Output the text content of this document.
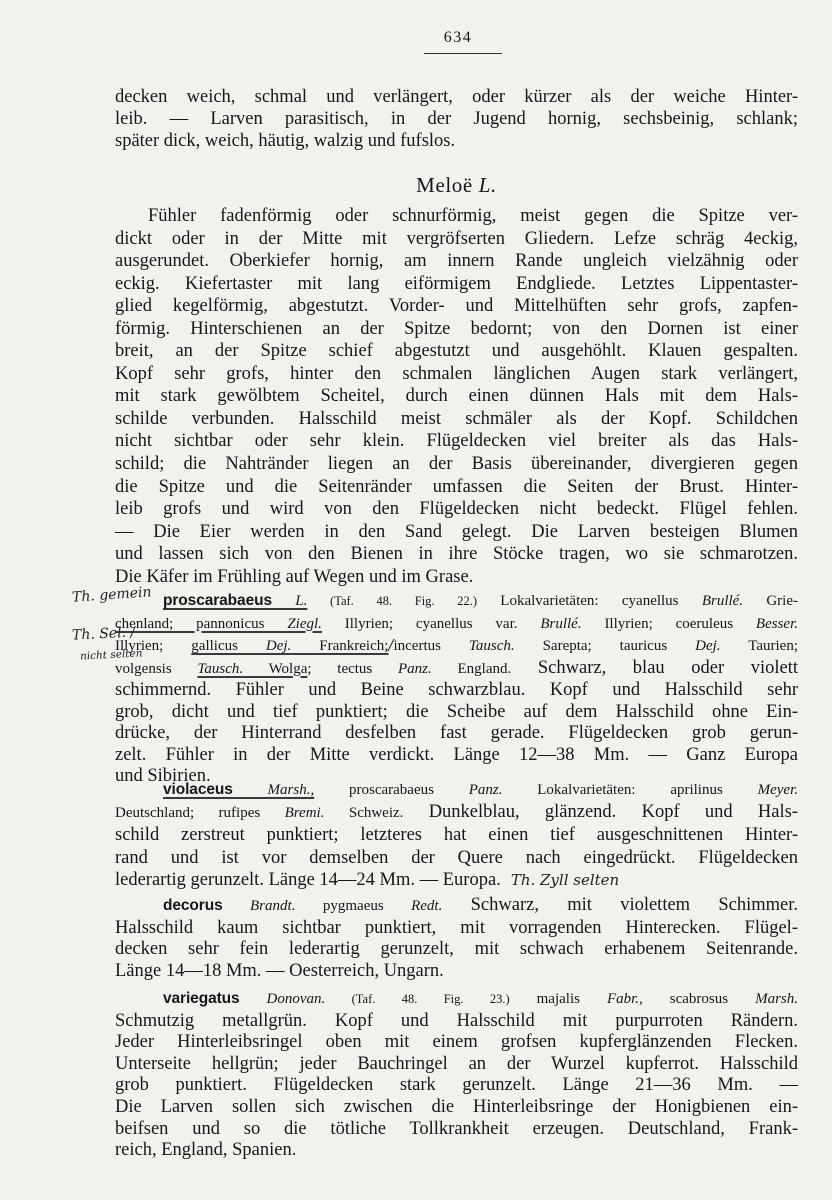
634
decken weich, schmal und verlängert, oder kürzer als der weiche Hinter-
leib. — Larven parasitisch, in der Jugend hornig, sechsbeinig, schlank;
später dick, weich, häutig, walzig und fufslos.
Meloë L.
Fühler fadenförmig oder schnurförmig, meist gegen die Spitze ver-
dickt oder in der Mitte mit vergröfserten Gliedern. Lefze schräg 4eckig,
ausgerundet. Oberkiefer hornig, am innern Rande ungleich vielzähnig oder
eckig. Kiefertaster mit lang eiförmigem Endgliede. Letztes Lippentaster-
glied kegelförmig, abgestutzt. Vorder- und Mittelhüften sehr grofs, zapfen-
förmig. Hinterschienen an der Spitze bedornt; von den Dornen ist einer
breit, an der Spitze schief abgestutzt und ausgehöhlt. Klauen gespalten.
Kopf sehr grofs, hinter den schmalen länglichen Augen stark verlängert,
mit stark gewölbtem Scheitel, durch einen dünnen Hals mit dem Hals-
schilde verbunden. Halsschild meist schmäler als der Kopf. Schildchen
nicht sichtbar oder sehr klein. Flügeldecken viel breiter als das Hals-
schild; die Nahtränder liegen an der Basis übereinander, divergieren gegen
die Spitze und die Seitenränder umfassen die Seiten der Brust. Hinter-
leib grofs und wird von den Flügeldecken nicht bedeckt. Flügel fehlen.
— Die Eier werden in den Sand gelegt. Die Larven besteigen Blumen
und lassen sich von den Bienen in ihre Stöcke tragen, wo sie schmarotzen.
Die Käfer im Frühling auf Wegen und im Grase.
proscarabaeus L. (Taf. 48. Fig. 22.) Lokalvarietäten: cyanellus Brullé. Grie-
chenland; pannonicus Ziegl. Illyrien; cyanellus var. Brullé. Illyrien; coeruleus Besser.
Illyrien; gallicus Dej. Frankreich;/incertus Tausch. Sarepta; tauricus Dej. Taurien;
volgensis Tausch. Wolga; tectus Panz. England. Schwarz, blau oder violett
schimmernd. Fühler und Beine schwarzblau. Kopf und Halsschild sehr
grob, dicht und tief punktiert; die Scheibe auf dem Halsschild ohne Ein-
drücke, der Hinterrand desfelben fast gerade. Flügeldecken grob gerun-
zelt. Fühler in der Mitte verdickt. Länge 12—38 Mm. — Ganz Europa
und Sibirien.
violaceus Marsh., proscarabaeus Panz. Lokalvarietäten: aprilinus Meyer.
Deutschland; rufipes Bremi. Schweiz. Dunkelblau, glänzend. Kopf und Hals-
schild zerstreut punktiert; letzteres hat einen tief ausgeschnittenen Hinter-
rand und ist vor demselben der Quere nach eingedrückt. Flügeldecken
lederartig gerunzelt. Länge 14—24 Mm. — Europa. Th. Zyll selten
decorus Brandt. pygmaeus Redt. Schwarz, mit violettem Schimmer.
Halsschild kaum sichtbar punktiert, mit vorragenden Hinterecken. Flügel-
decken sehr fein lederartig gerunzelt, mit schwach erhabenem Seitenrande.
Länge 14—18 Mm. — Oesterreich, Ungarn.
variegatus Donovan. (Taf. 48. Fig. 23.) majalis Fabr., scabrosus Marsh.
Schmutzig metallgrün. Kopf und Halsschild mit purpurroten Rändern.
Jeder Hinterleibsringel oben mit einem grofsen kupferglänzenden Flecken.
Unterseite hellgrün; jeder Bauchringel an der Wurzel kupferrot. Halsschild
grob punktiert. Flügeldecken stark gerunzelt. Länge 21—36 Mm. —
Die Larven sollen sich zwischen die Hinterleibsringe der Honigbienen ein-
beifsen und so die tötliche Tollkrankheit erzeugen. Deutschland, Frank-
reich, England, Spanien.
Th. gemein
Th. Sel. /
nicht selten
